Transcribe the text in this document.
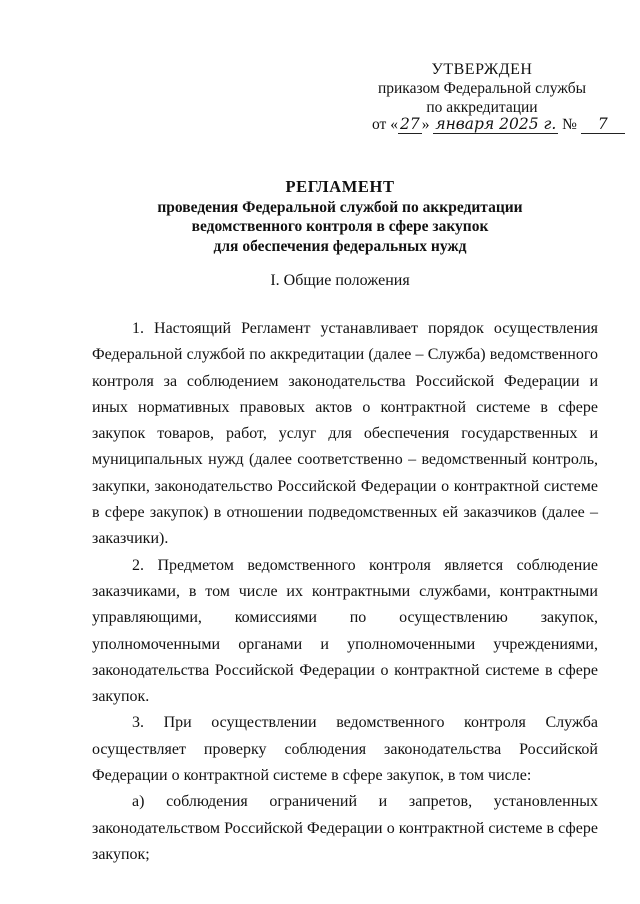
УТВЕРЖДЕН
приказом Федеральной службы
по аккредитации
от « 27 » января 2025 г. № 7
РЕГЛАМЕНТ
проведения Федеральной службой по аккредитации
ведомственного контроля в сфере закупок
для обеспечения федеральных нужд
I. Общие положения

1. Настоящий Регламент устанавливает порядок осуществления Федеральной службой по аккредитации (далее – Служба) ведомственного контроля за соблюдением законодательства Российской Федерации и иных нормативных правовых актов о контрактной системе в сфере закупок товаров, работ, услуг для обеспечения государственных и муниципальных нужд (далее соответственно – ведомственный контроль, закупки, законодательство Российской Федерации о контрактной системе в сфере закупок) в отношении подведомственных ей заказчиков (далее – заказчики).

2. Предметом ведомственного контроля является соблюдение заказчиками, в том числе их контрактными службами, контрактными управляющими, комиссиями по осуществлению закупок, уполномоченными органами и уполномоченными учреждениями, законодательства Российской Федерации о контрактной системе в сфере закупок.

3. При осуществлении ведомственного контроля Служба осуществляет проверку соблюдения законодательства Российской Федерации о контрактной системе в сфере закупок, в том числе:

а) соблюдения ограничений и запретов, установленных законодательством Российской Федерации о контрактной системе в сфере закупок;
